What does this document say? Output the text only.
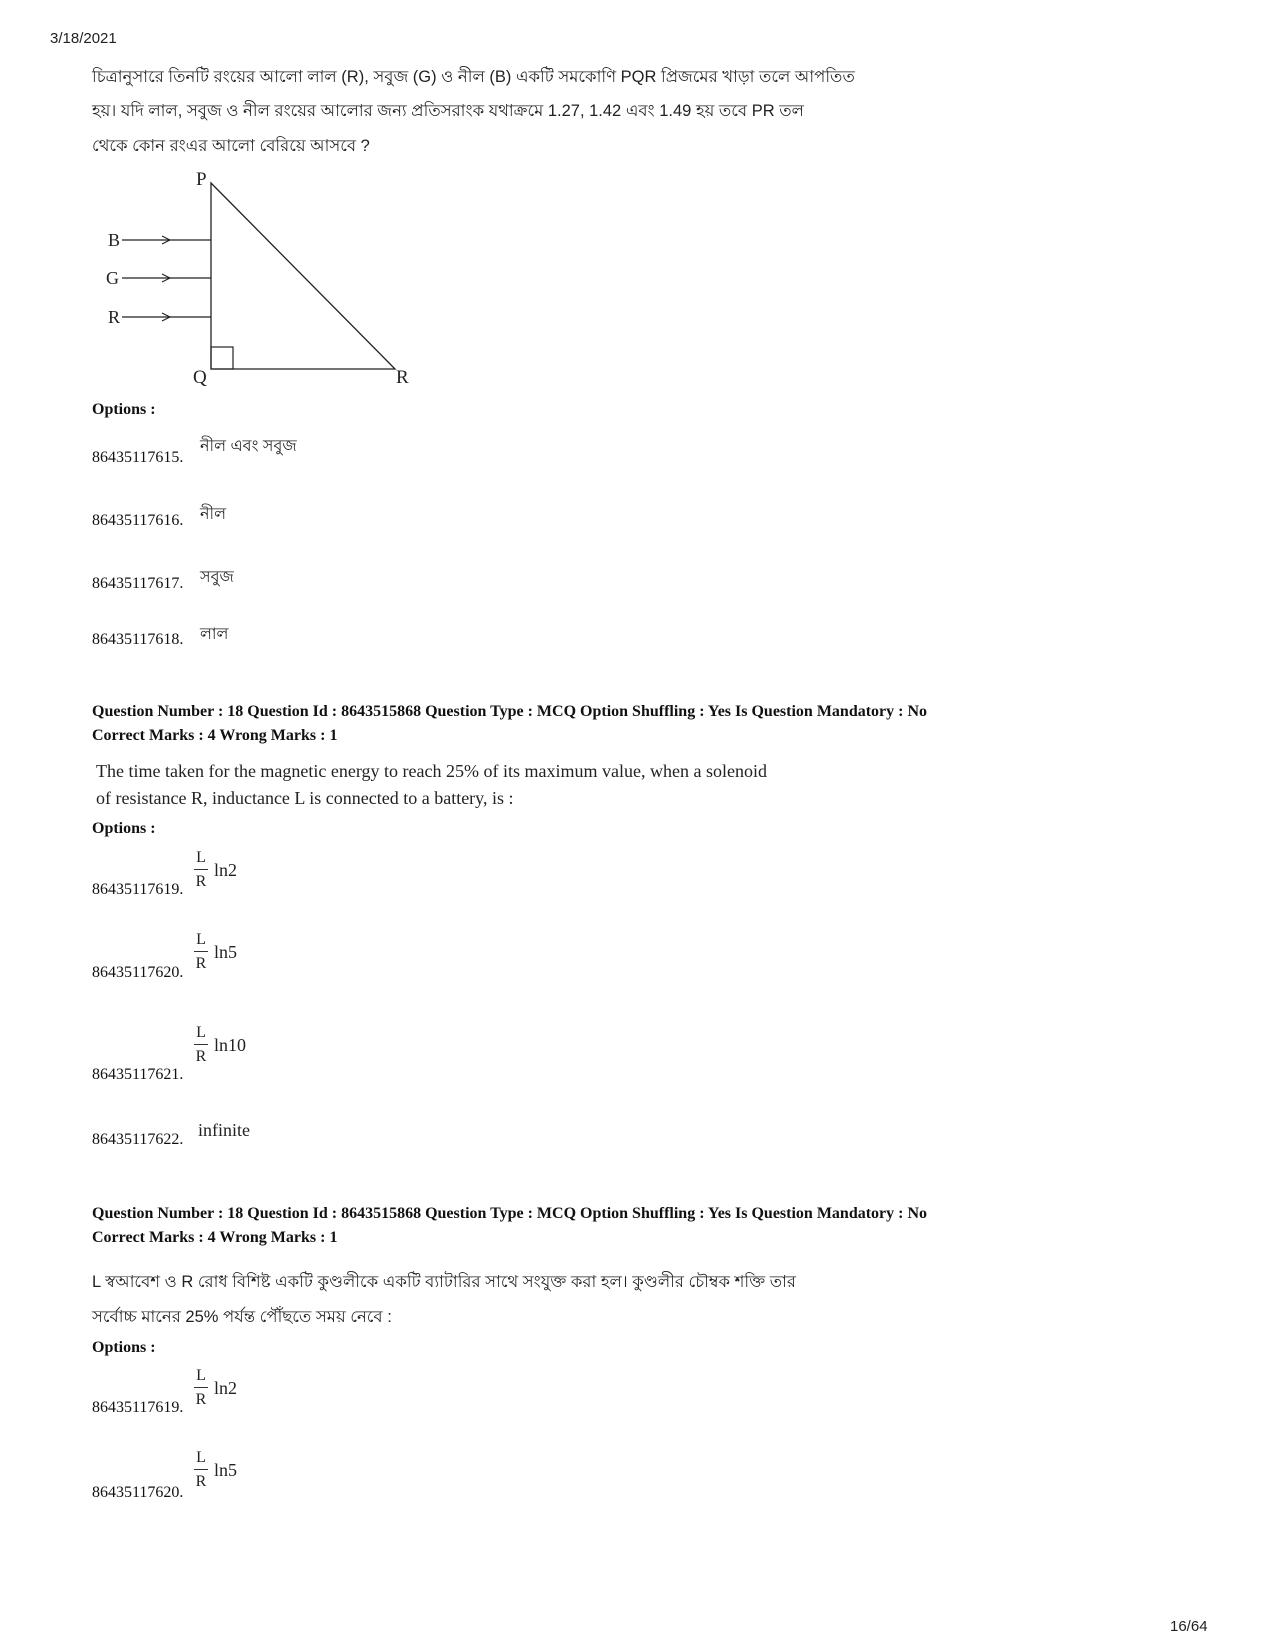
3/18/2021
চিত্রানুসারে তিনটি রংয়ের আলো লাল (R), সবুজ (G) ও নীল (B) একটি সমকোণি PQR প্রিজমের খাড়া তলে আপতিত
হয়। যদি লাল, সবুজ ও নীল রংয়ের আলোর জন্য প্রতিসরাংক যথাক্রমে 1.27, 1.42 এবং 1.49 হয় তবে PR তল
থেকে কোন রংএর আলো বেরিয়ে আসবে ?
P
Q	R
B
G
R
Options :
86435117615.
নীল এবং সবুজ
86435117616. নীল
86435117617. সবুজ
86435117618. লাল
Question Number : 18 Question Id : 8643515868 Question Type : MCQ Option Shuffling : Yes Is Question Mandatory : No
Correct Marks : 4 Wrong Marks : 1
The time taken for the magnetic energy to reach 25% of its maximum value, when a solenoid
of resistance R, inductance L is connected to a battery, is :
Options :
86435117619. $\frac{L}{R} \ln 2$
86435117620.
$\frac{L}{R} \ln 5$
86435117621.
$\frac{L}{R} \ln 10$
86435117622. infinite
Question Number : 18 Question Id : 8643515868 Question Type : MCQ Option Shuffling : Yes Is Question Mandatory : No
Correct Marks : 4 Wrong Marks : 1
L স্বআবেশ ও R রোধ বিশিষ্ট একটি কুণ্ডলীকে একটি ব্যাটারির সাথে সংযুক্ত করা হল। কুণ্ডলীর চৌম্বক শক্তি তার
সর্বোচ্চ মানের 25% পর্যন্ত পৌঁছতে সময় নেবে :
Options :
86435117619. $\frac{L}{R} \ln 2$
86435117620.
$\frac{L}{R} \ln 5$
16/64
